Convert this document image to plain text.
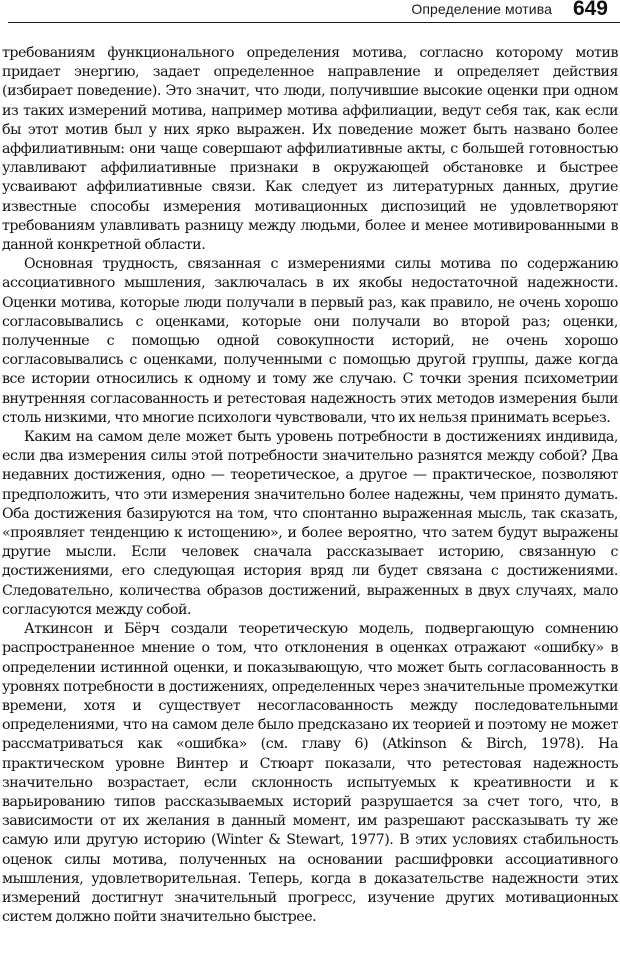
Определение мотива 649

требованиям функционального определения мотива, согласно которому мотив придает энергию, задает определенное направление и определяет действия (избирает поведение). Это значит, что люди, получившие высокие оценки при одном из таких измерений мотива, например мотива аффилиации, ведут себя так, как если бы этот мотив был у них ярко выражен. Их поведение может быть названо более аффилиативным: они чаще совершают аффилиативные акты, с большей готовностью улавливают аффилиативные признаки в окружающей обстановке и быстрее усваивают аффилиативные связи. Как следует из литературных данных, другие известные способы измерения мотивационных диспозиций не удовлетворяют требованиям улавливать разницу между людьми, более и менее мотивированными в данной конкретной области.

Основная трудность, связанная с измерениями силы мотива по содержанию ассоциативного мышления, заключалась в их якобы недостаточной надежности. Оценки мотива, которые люди получали в первый раз, как правило, не очень хорошо согласовывались с оценками, которые они получали во второй раз; оценки, полученные с помощью одной совокупности историй, не очень хорошо согласовывались с оценками, полученными с помощью другой группы, даже когда все истории относились к одному и тому же случаю. С точки зрения психометрии внутренняя согласованность и ретестовая надежность этих методов измерения были столь низкими, что многие психологи чувствовали, что их нельзя принимать всерьез.

Каким на самом деле может быть уровень потребности в достижениях индивида, если два измерения силы этой потребности значительно разнятся между собой? Два недавних достижения, одно — теоретическое, а другое — практическое, позволяют предположить, что эти измерения значительно более надежны, чем принято думать. Оба достижения базируются на том, что спонтанно выраженная мысль, так сказать, «проявляет тенденцию к истощению», и более вероятно, что затем будут выражены другие мысли. Если человек сначала рассказывает историю, связанную с достижениями, его следующая история вряд ли будет связана с достижениями. Следовательно, количества образов достижений, выраженных в двух случаях, мало согласуются между собой.

Аткинсон и Бёрч создали теоретическую модель, подвергающую сомнению распространенное мнение о том, что отклонения в оценках отражают «ошибку» в определении истинной оценки, и показывающую, что может быть согласованность в уровнях потребности в достижениях, определенных через значительные промежутки времени, хотя и существует несогласованность между последовательными определениями, что на самом деле было предсказано их теорией и поэтому не может рассматриваться как «ошибка» (см. главу 6) (Atkinson & Birch, 1978). На практическом уровне Винтер и Стюарт показали, что ретестовая надежность значительно возрастает, если склонность испытуемых к креативности и к варьированию типов рассказываемых историй разрушается за счет того, что, в зависимости от их желания в данный момент, им разрешают рассказывать ту же самую или другую историю (Winter & Stewart, 1977). В этих условиях стабильность оценок силы мотива, полученных на основании расшифровки ассоциативного мышления, удовлетворительная. Теперь, когда в доказательстве надежности этих измерений достигнут значительный прогресс, изучение других мотивационных систем должно пойти значительно быстрее.
